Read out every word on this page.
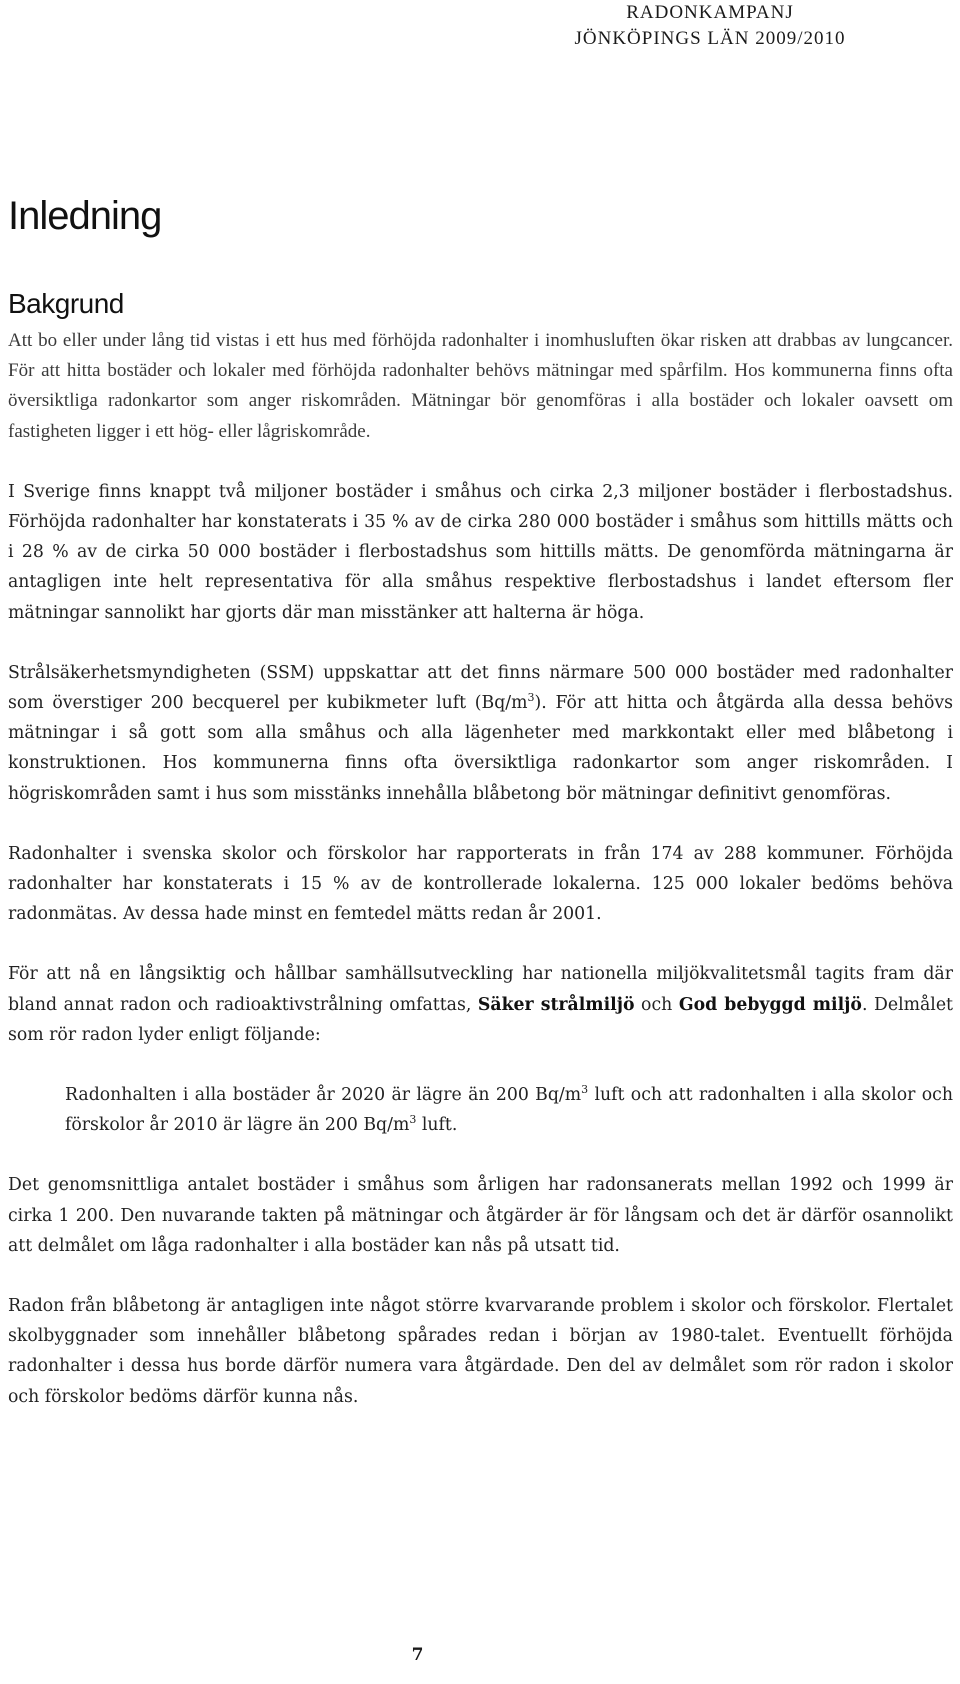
RADONKAMPANJ
JÖNKÖPINGS LÄN 2009/2010
Inledning
Bakgrund

Att bo eller under lång tid vistas i ett hus med förhöjda radonhalter i inomhusluften ökar risken att drabbas av lungcancer. För att hitta bostäder och lokaler med förhöjda radonhalter behövs mätningar med spårfilm. Hos kommunerna finns ofta översiktliga radonkartor som anger riskområden. Mätningar bör genomföras i alla bostäder och lokaler oavsett om fastigheten ligger i ett hög- eller lågriskområde.

I Sverige finns knappt två miljoner bostäder i småhus och cirka 2,3 miljoner bostäder i flerbostadshus. Förhöjda radonhalter har konstaterats i 35 % av de cirka 280 000 bostäder i småhus som hittills mätts och i 28 % av de cirka 50 000 bostäder i flerbostadshus som hittills mätts. De genomförda mätningarna är antagligen inte helt representativa för alla småhus respektive flerbostadshus i landet eftersom fler mätningar sannolikt har gjorts där man misstänker att halterna är höga.

Strålsäkerhetsmyndigheten (SSM) uppskattar att det finns närmare 500 000 bostäder med radonhalter som överstiger 200 becquerel per kubikmeter luft $(Bq/m^3)$. För att hitta och åtgärda alla dessa behövs mätningar i så gott som alla småhus och alla lägenheter med markkontakt eller med blåbetong i konstruktionen. Hos kommunerna finns ofta översiktliga radonkartor som anger riskområden. I högriskområden samt i hus som misstänks innehålla blåbetong bör mätningar definitivt genomföras.

Radonhalter i svenska skolor och förskolor har rapporterats in från 174 av 288 kommuner. Förhöjda radonhalter har konstaterats i 15 % av de kontrollerade lokalerna. 125 000 lokaler bedöms behöva radonmätas. Av dessa hade minst en femtedel mätts redan år 2001.

För att nå en långsiktig och hållbar samhällsutveckling har nationella miljökvalitetsmål tagits fram där bland annat radon och radioaktivstrålning omfattas, Säker strålmiljö och God bebyggd miljö. Delmålet som rör radon lyder enligt följande:

Radonhalten i alla bostäder år 2020 är lägre än 200 $Bq/m^3$ luft och att radonhalten i alla skolor och förskolor år 2010 är lägre än 200 $Bq/m^3$ luft.

Det genomsnittliga antalet bostäder i småhus som årligen har radonsanerats mellan 1992 och 1999 är cirka 1 200. Den nuvarande takten på mätningar och åtgärder är för långsam och det är därför osannolikt att delmålet om låga radonhalter i alla bostäder kan nås på utsatt tid.

Radon från blåbetong är antagligen inte något större kvarvarande problem i skolor och förskolor. Flertalet skolbyggnader som innehåller blåbetong spårades redan i början av 1980-talet. Eventuellt förhöjda radonhalter i dessa hus borde därför numera vara åtgärdade. Den del av delmålet som rör radon i skolor och förskolor bedöms därför kunna nås.

7
